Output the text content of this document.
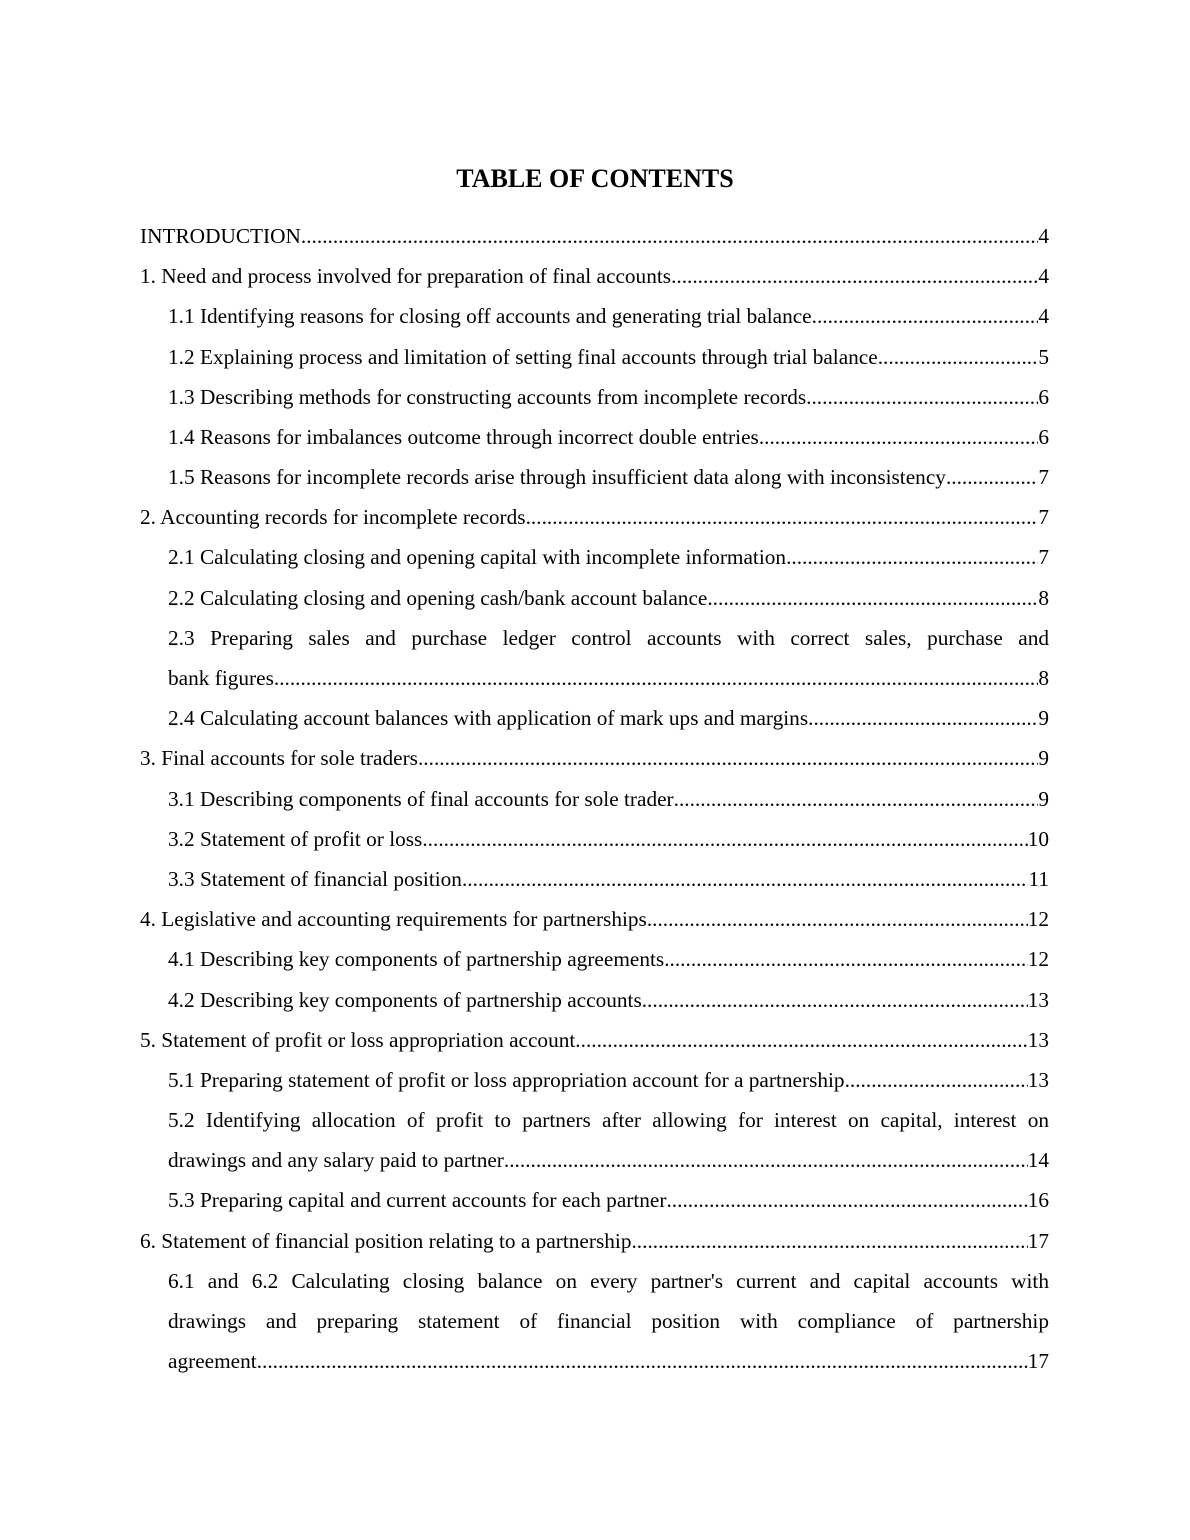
TABLE OF CONTENTS
INTRODUCTION .....	4
1. Need and process involved for preparation of final accounts .....	4
1.1 Identifying reasons for closing off accounts and generating trial balance .....	4
1.2 Explaining process and limitation of setting final accounts through trial balance .....	5
1.3 Describing methods for constructing accounts from incomplete records .....	6
1.4 Reasons for imbalances outcome through incorrect double entries .....	6
1.5 Reasons for incomplete records arise through insufficient data along with inconsistency .....	7
2. Accounting records for incomplete records .....	7
2.1 Calculating closing and opening capital with incomplete information .....	7
2.2 Calculating closing and opening cash/bank account balance .....	8
2.3 Preparing sales and purchase ledger control accounts with correct sales, purchase and
bank figures .....	8
2.4 Calculating account balances with application of mark ups and margins .....	9
3. Final accounts for sole traders .....	9
3.1 Describing components of final accounts for sole trader .....	9
3.2 Statement of profit or loss .....	10
3.3 Statement of financial position .....	11
4. Legislative and accounting requirements for partnerships .....	12
4.1 Describing key components of partnership agreements .....	12
4.2 Describing key components of partnership accounts .....	13
5. Statement of profit or loss appropriation account .....	13
5.1 Preparing statement of profit or loss appropriation account for a partnership .....	13
5.2 Identifying allocation of profit to partners after allowing for interest on capital, interest on
drawings and any salary paid to partner .....	14
5.3 Preparing capital and current accounts for each partner .....	16
6. Statement of financial position relating to a partnership .....	17
6.1 and 6.2 Calculating closing balance on every partner's current and capital accounts with
drawings and preparing statement of financial position with compliance of partnership
agreement .....	17
